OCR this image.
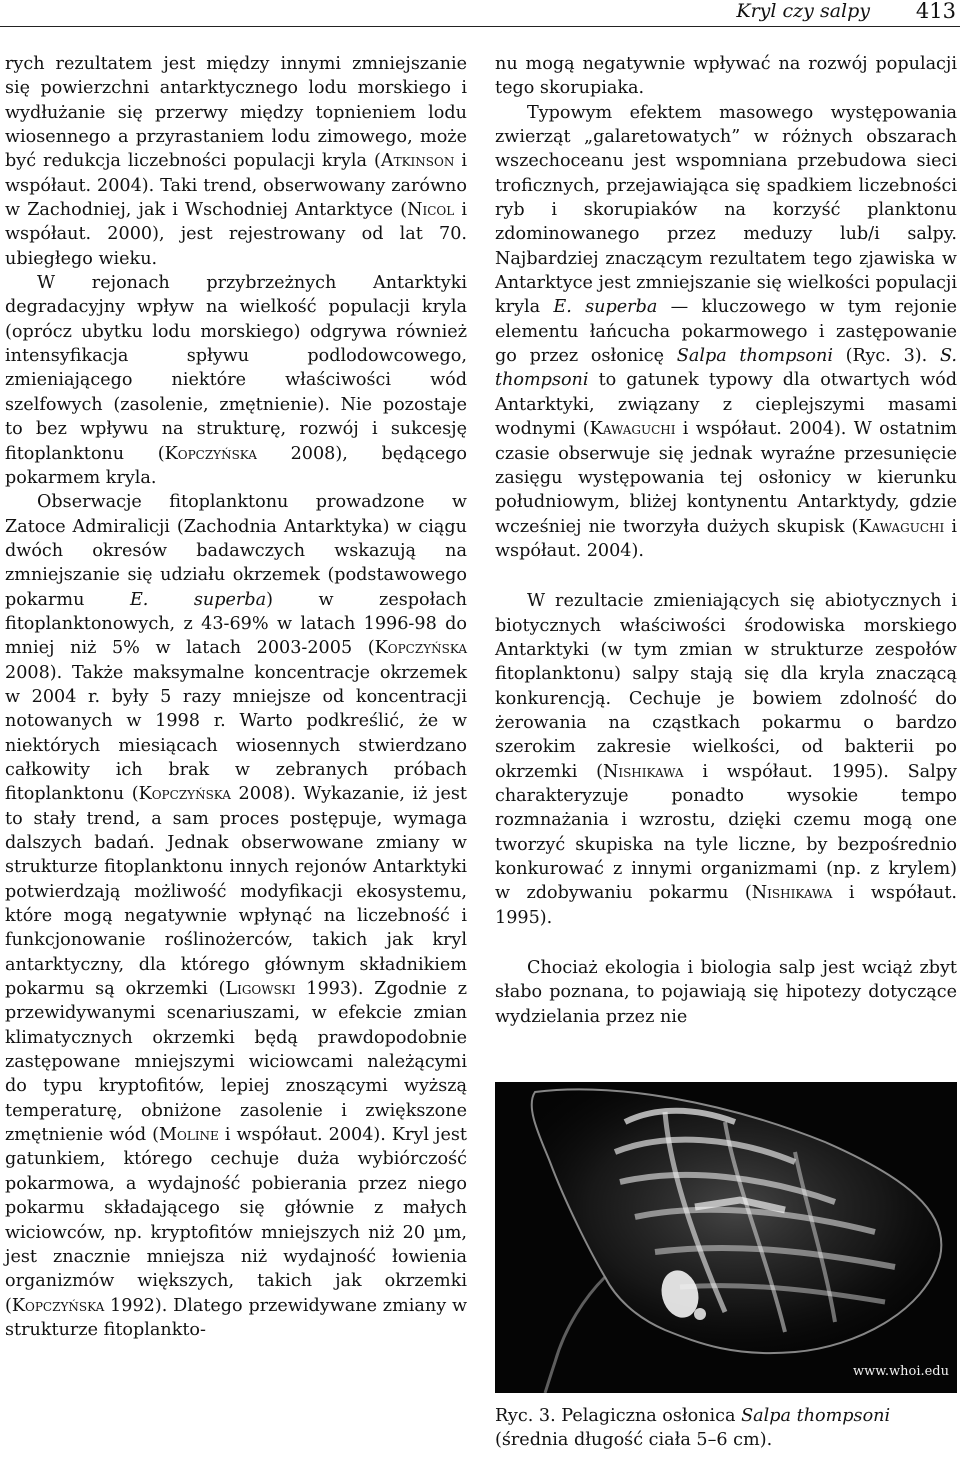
Kryl czy salpy 413

rych rezultatem jest między innymi zmniejszanie się powierzchni antarktycznego lodu morskiego i wydłużanie się przerwy między topnieniem lodu wiosennego a przyrastaniem lodu zimowego, może być redukcja liczebności populacji kryla (Atkinson i współaut. 2004). Taki trend, obserwowany zarówno w Zachodniej, jak i Wschodniej Antarktyce (Nicol i współaut. 2000), jest rejestrowany od lat 70. ubiegłego wieku.

W rejonach przybrzeżnych Antarktyki degradacyjny wpływ na wielkość populacji kryla (oprócz ubytku lodu morskiego) odgrywa również intensyfikacja spływu podlodowcowego, zmieniającego niektóre właściwości wód szelfowych (zasolenie, zmętnienie). Nie pozostaje to bez wpływu na strukturę, rozwój i sukcesję fitoplanktonu (Kopczyńska 2008), będącego pokarmem kryla.

Obserwacje fitoplanktonu prowadzone w Zatoce Admiralicji (Zachodnia Antarktyka) w ciągu dwóch okresów badawczych wskazują na zmniejszanie się udziału okrzemek (podstawowego pokarmu E. superba) w zespołach fitoplanktonowych, z 43-69% w latach 1996-98 do mniej niż 5% w latach 2003-2005 (Kopczyńska 2008). Także maksymalne koncentracje okrzemek w 2004 r. były 5 razy mniejsze od koncentracji notowanych w 1998 r. Warto podkreślić, że w niektórych miesiącach wiosennych stwierdzano całkowity ich brak w zebranych próbach fitoplanktonu (Kopczyńska 2008). Wykazanie, iż jest to stały trend, a sam proces postępuje, wymaga dalszych badań. Jednak obserwowane zmiany w strukturze fitoplanktonu innych rejonów Antarktyki potwierdzają możliwość modyfikacji ekosystemu, które mogą negatywnie wpłynąć na liczebność i funkcjonowanie roślinożerców, takich jak kryl antarktyczny, dla którego głównym składnikiem pokarmu są okrzemki (Ligowski 1993). Zgodnie z przewidywanymi scenariuszami, w efekcie zmian klimatycznych okrzemki będą prawdopodobnie zastępowane mniejszymi wiciowcami należącymi do typu kryptofitów, lepiej znoszącymi wyższą temperaturę, obniżone zasolenie i zwiększone zmętnienie wód (Moline i współaut. 2004). Kryl jest gatunkiem, którego cechuje duża wybiórczość pokarmowa, a wydajność pobierania przez niego pokarmu składającego się głównie z małych wiciowców, np. kryptofitów mniejszych niż 20 µm, jest znacznie mniejsza niż wydajność łowienia organizmów większych, takich jak okrzemki (Kopczyńska 1992). Dlatego przewidywane zmiany w strukturze fitoplankto-

nu mogą negatywnie wpływać na rozwój populacji tego skorupiaka.

Typowym efektem masowego występowania zwierząt „galaretowatych” w różnych obszarach wszechoceanu jest wspomniana przebudowa sieci troficznych, przejawiająca się spadkiem liczebności ryb i skorupiaków na korzyść planktonu zdominowanego przez meduzy lub/i salpy. Najbardziej znaczącym rezultatem tego zjawiska w Antarktyce jest zmniejszanie się wielkości populacji kryla E. superba — kluczowego w tym rejonie elementu łańcucha pokarmowego i zastępowanie go przez osłonicę Salpa thompsoni (Ryc. 3). S. thompsoni to gatunek typowy dla otwartych wód Antarktyki, związany z cieplejszymi masami wodnymi (Kawaguchi i współaut. 2004). W ostatnim czasie obserwuje się jednak wyraźne przesunięcie zasięgu występowania tej osłonicy w kierunku południowym, bliżej kontynentu Antarktydy, gdzie wcześniej nie tworzyła dużych skupisk (Kawaguchi i współaut. 2004).

W rezultacie zmieniających się abiotycznych i biotycznych właściwości środowiska morskiego Antarktyki (w tym zmian w strukturze zespołów fitoplanktonu) salpy stają się dla kryla znaczącą konkurencją. Cechuje je bowiem zdolność do żerowania na cząstkach pokarmu o bardzo szerokim zakresie wielkości, od bakterii po okrzemki (Nishikawa i współaut. 1995). Salpy charakteryzuje ponadto wysokie tempo rozmnażania i wzrostu, dzięki czemu mogą one tworzyć skupiska na tyle liczne, by bezpośrednio konkurować z innymi organizmami (np. z krylem) w zdobywaniu pokarmu (Nishikawa i współaut. 1995).

Chociaż ekologia i biologia salp jest wciąż zbyt słabo poznana, to pojawiają się hipotezy dotyczące wydzielania przez nie

www.whoi.edu
Ryc. 3. Pelagiczna osłonica Salpa thompsoni (średnia długość ciała 5–6 cm).
